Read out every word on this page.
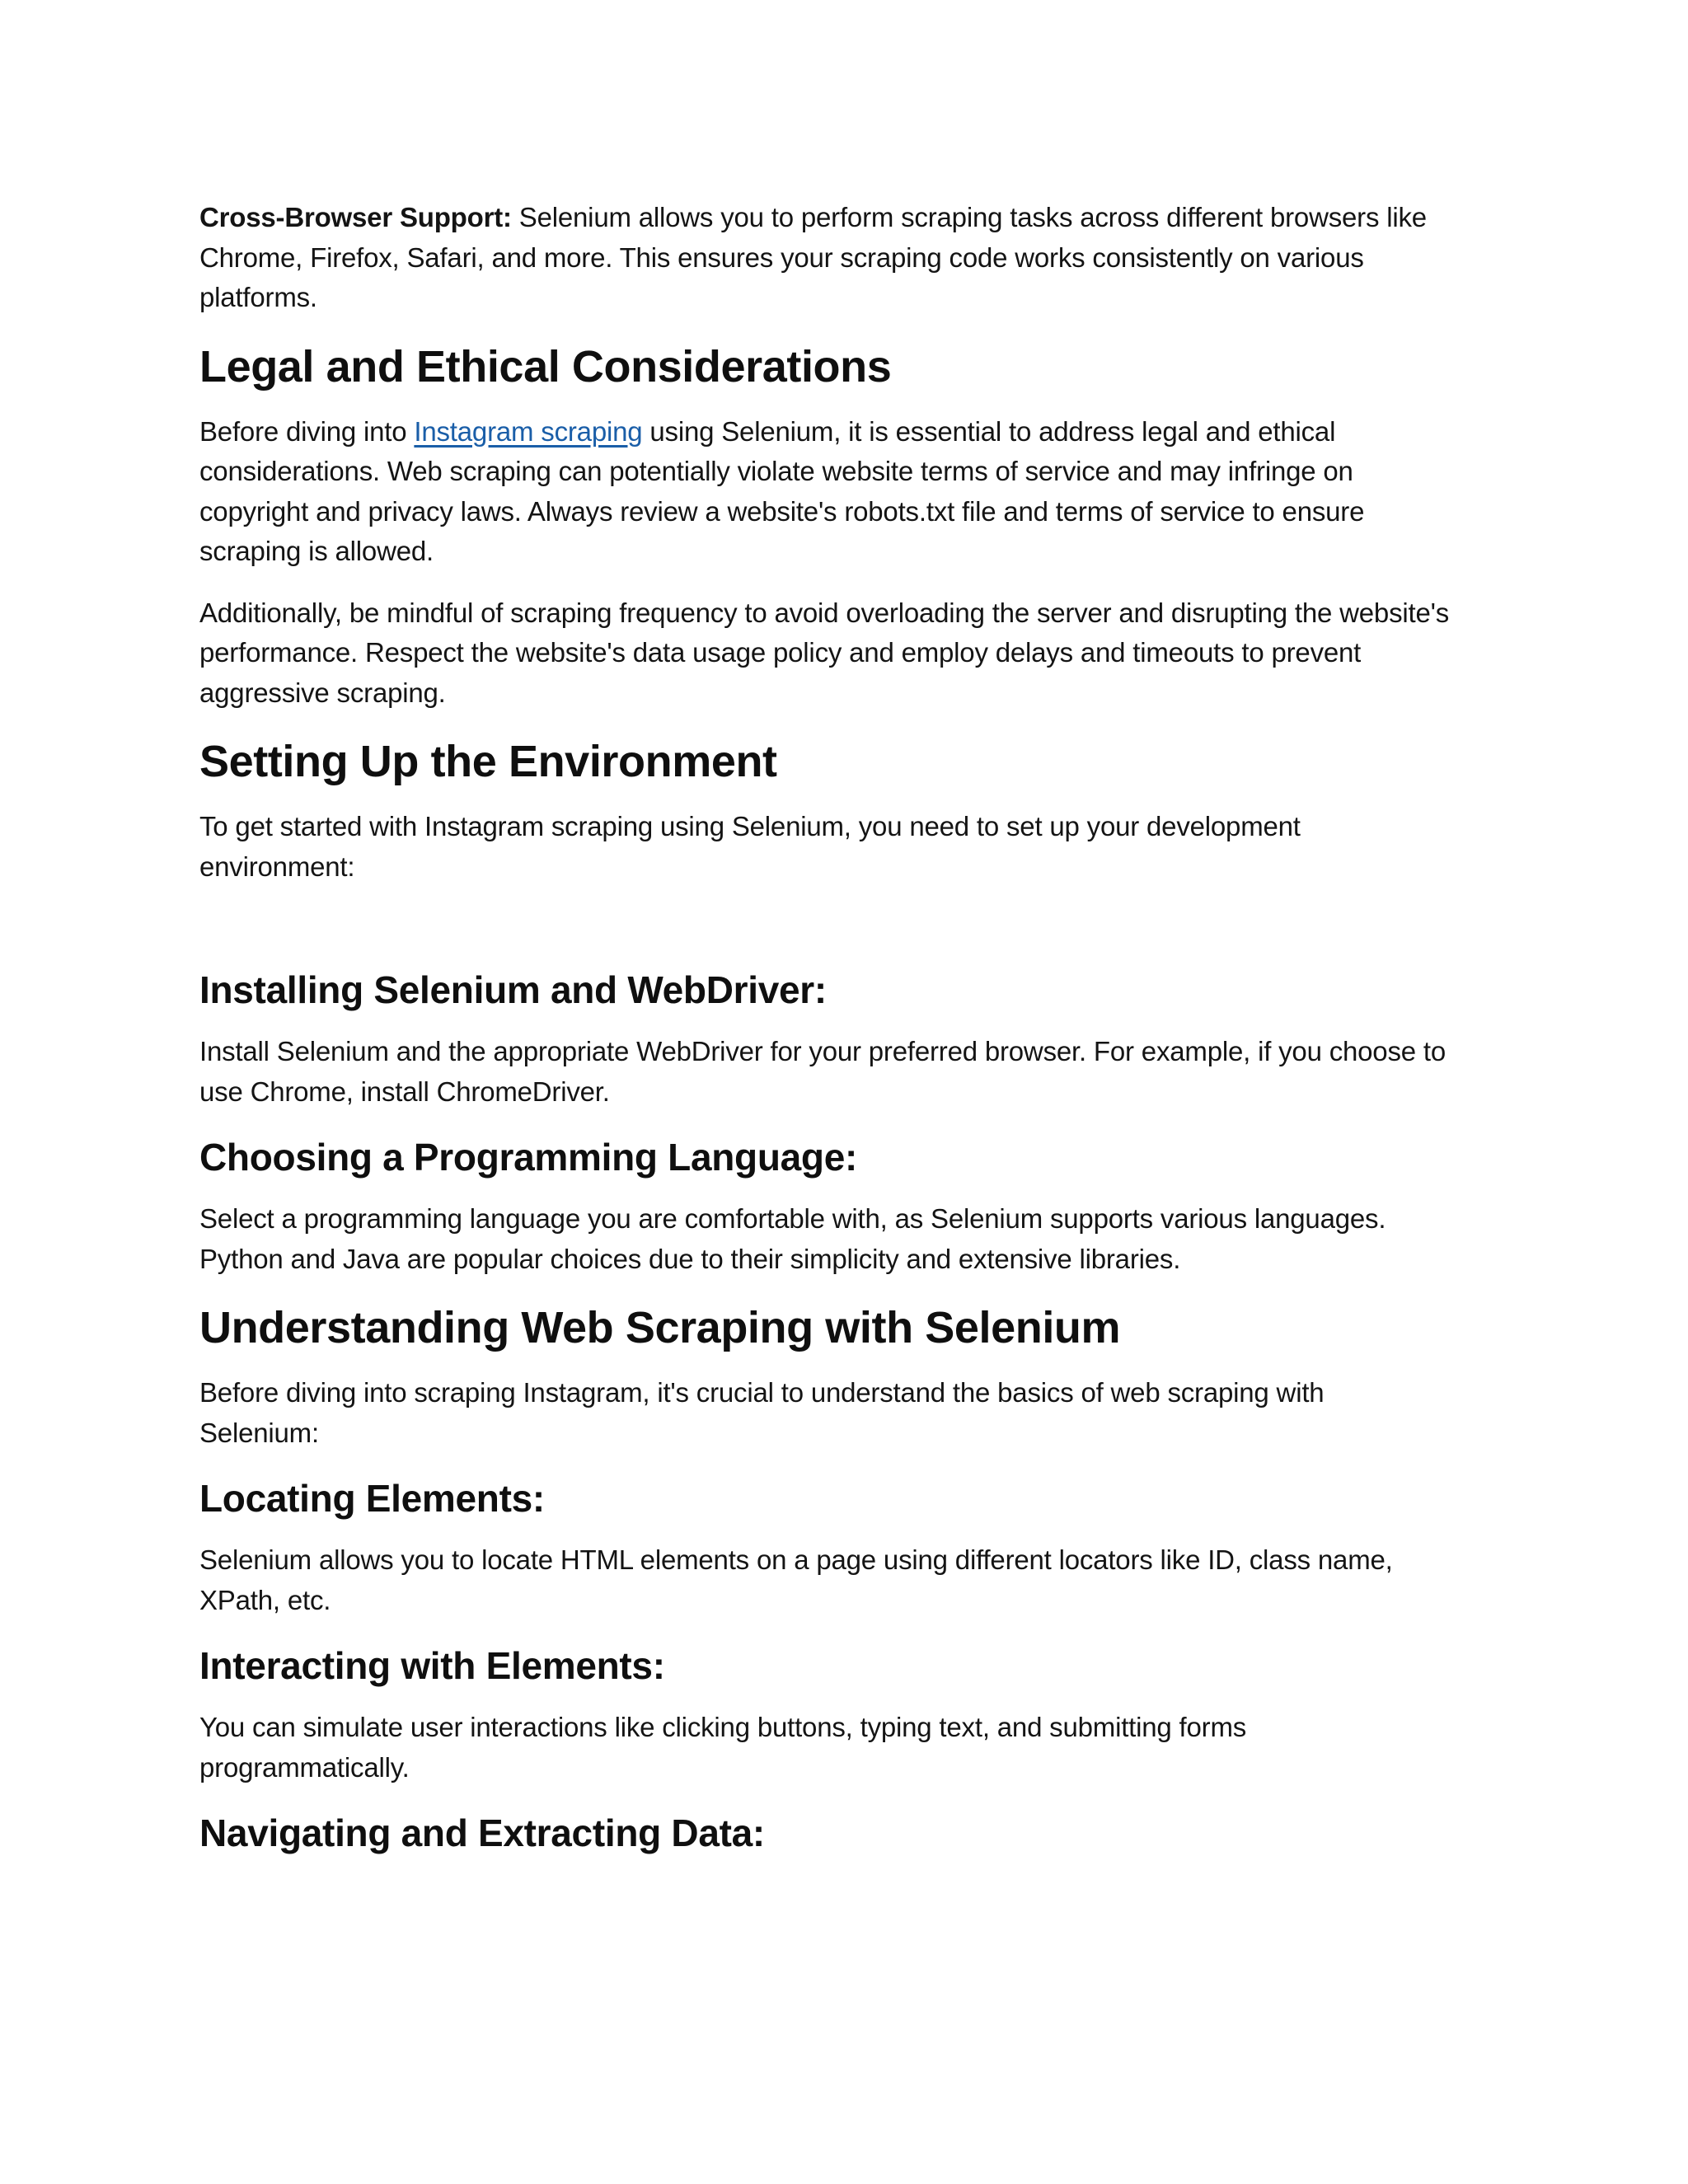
Cross-Browser Support: Selenium allows you to perform scraping tasks across different browsers like Chrome, Firefox, Safari, and more. This ensures your scraping code works consistently on various platforms.

Legal and Ethical Considerations

Before diving into Instagram scraping using Selenium, it is essential to address legal and ethical considerations. Web scraping can potentially violate website terms of service and may infringe on copyright and privacy laws. Always review a website's robots.txt file and terms of service to ensure scraping is allowed.

Additionally, be mindful of scraping frequency to avoid overloading the server and disrupting the website's performance. Respect the website's data usage policy and employ delays and timeouts to prevent aggressive scraping.

Setting Up the Environment

To get started with Instagram scraping using Selenium, you need to set up your development environment:

Installing Selenium and WebDriver:

Install Selenium and the appropriate WebDriver for your preferred browser. For example, if you choose to use Chrome, install ChromeDriver.

Choosing a Programming Language:

Select a programming language you are comfortable with, as Selenium supports various languages. Python and Java are popular choices due to their simplicity and extensive libraries.

Understanding Web Scraping with Selenium

Before diving into scraping Instagram, it's crucial to understand the basics of web scraping with Selenium:

Locating Elements:

Selenium allows you to locate HTML elements on a page using different locators like ID, class name, XPath, etc.

Interacting with Elements:

You can simulate user interactions like clicking buttons, typing text, and submitting forms programmatically.

Navigating and Extracting Data:
